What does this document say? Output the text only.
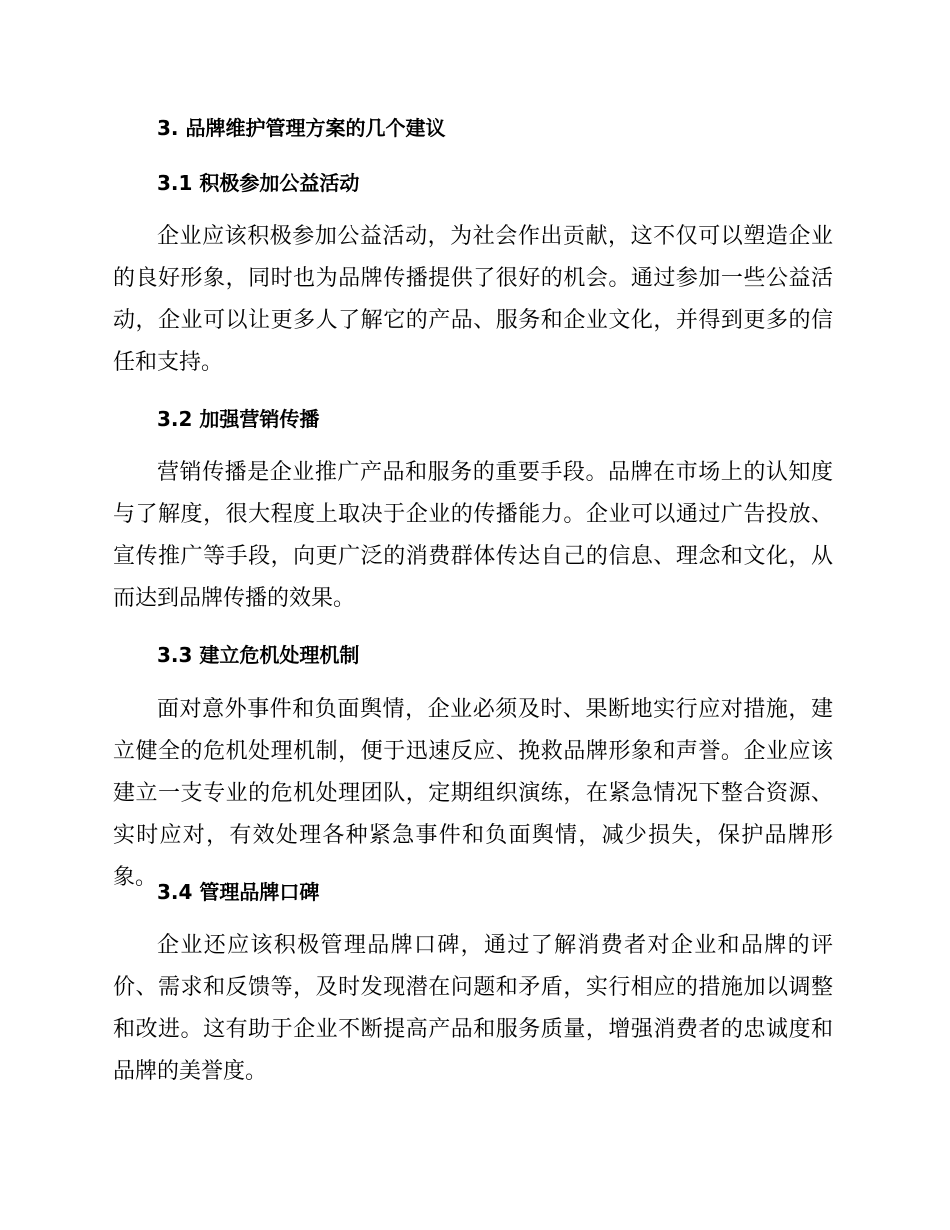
3. 品牌维护管理方案的几个建议
3.1 积极参加公益活动

企业应该积极参加公益活动，为社会作出贡献，这不仅可以塑造企业的良好形象，同时也为品牌传播提供了很好的机会。通过参加一些公益活动，企业可以让更多人了解它的产品、服务和企业文化，并得到更多的信任和支持。

3.2 加强营销传播

营销传播是企业推广产品和服务的重要手段。品牌在市场上的认知度与了解度，很大程度上取决于企业的传播能力。企业可以通过广告投放、宣传推广等手段，向更广泛的消费群体传达自己的信息、理念和文化，从而达到品牌传播的效果。

3.3 建立危机处理机制

面对意外事件和负面舆情，企业必须及时、果断地实行应对措施，建立健全的危机处理机制，便于迅速反应、挽救品牌形象和声誉。企业应该建立一支专业的危机处理团队，定期组织演练，在紧急情况下整合资源、实时应对，有效处理各种紧急事件和负面舆情，减少损失，保护品牌形象。

3.4 管理品牌口碑

企业还应该积极管理品牌口碑，通过了解消费者对企业和品牌的评价、需求和反馈等，及时发现潜在问题和矛盾，实行相应的措施加以调整和改进。这有助于企业不断提高产品和服务质量，增强消费者的忠诚度和品牌的美誉度。
